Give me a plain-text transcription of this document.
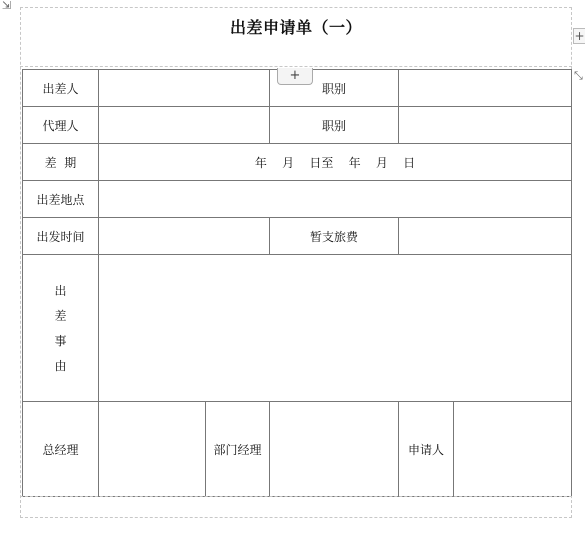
出差申请单（一）
⇲
+
⤡
出差人			职别		
代理人			职别		
差  期	年    月    日至    年    月    日				
出差地点					
出发时间			暂支旅费		

出
差
事
由					

总经理		部门经理		申请人	
+
